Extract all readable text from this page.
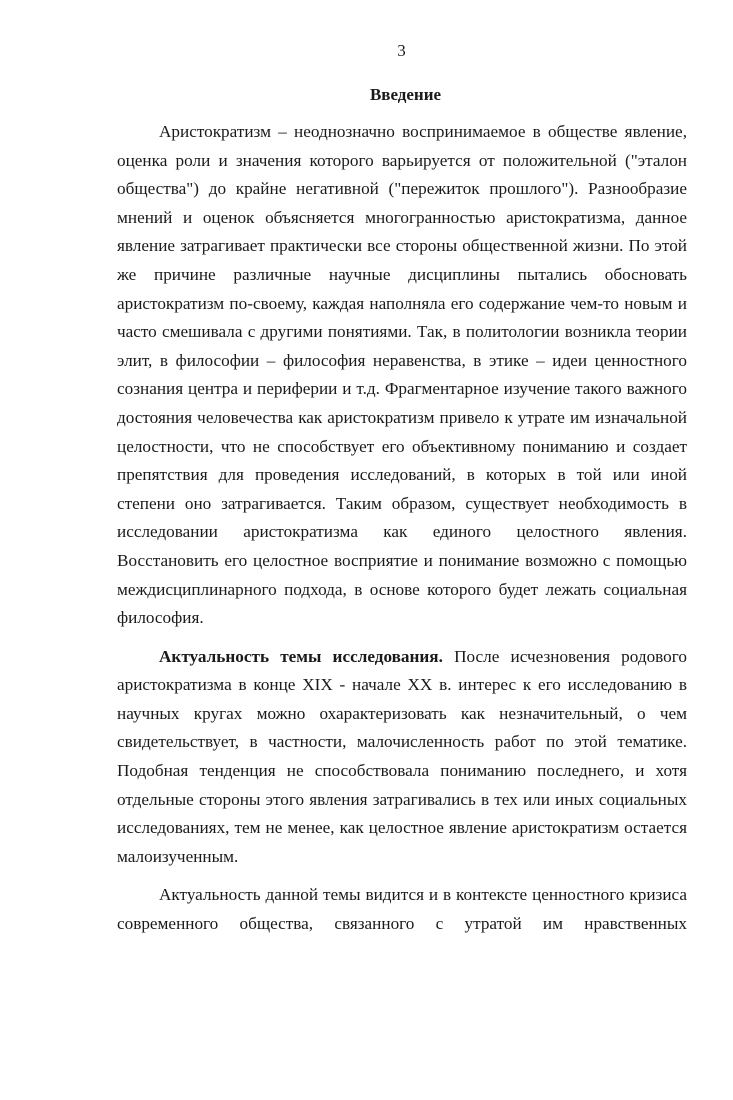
3
Введение

Аристократизм – неоднозначно воспринимаемое в обществе явление, оценка роли и значения которого варьируется от положительной ("эталон общества") до крайне негативной ("пережиток прошлого"). Разнообразие мнений и оценок объясняется многогранностью аристократизма, данное явление затрагивает практически все стороны общественной жизни. По этой же причине различные научные дисциплины пытались обосновать аристократизм по-своему, каждая наполняла его содержание чем-то новым и часто смешивала с другими понятиями. Так, в политологии возникла теории элит, в философии – философия неравенства, в этике – идеи ценностного сознания центра и периферии и т.д. Фрагментарное изучение такого важного достояния человечества как аристократизм привело к утрате им изначальной целостности, что не способствует его объективному пониманию и создает препятствия для проведения исследований, в которых в той или иной степени оно затрагивается. Таким образом, существует необходимость в исследовании аристократизма как единого целостного явления. Восстановить его целостное восприятие и понимание возможно с помощью междисциплинарного подхода, в основе которого будет лежать социальная философия.

Актуальность темы исследования. После исчезновения родового аристократизма в конце XIX - начале XX в. интерес к его исследованию в научных кругах можно охарактеризовать как незначительный, о чем свидетельствует, в частности, малочисленность работ по этой тематике. Подобная тенденция не способствовала пониманию последнего, и хотя отдельные стороны этого явления затрагивались в тех или иных социальных исследованиях, тем не менее, как целостное явление аристократизм остается малоизученным.

Актуальность данной темы видится и в контексте ценностного кризиса современного общества, связанного с утратой им нравственных
